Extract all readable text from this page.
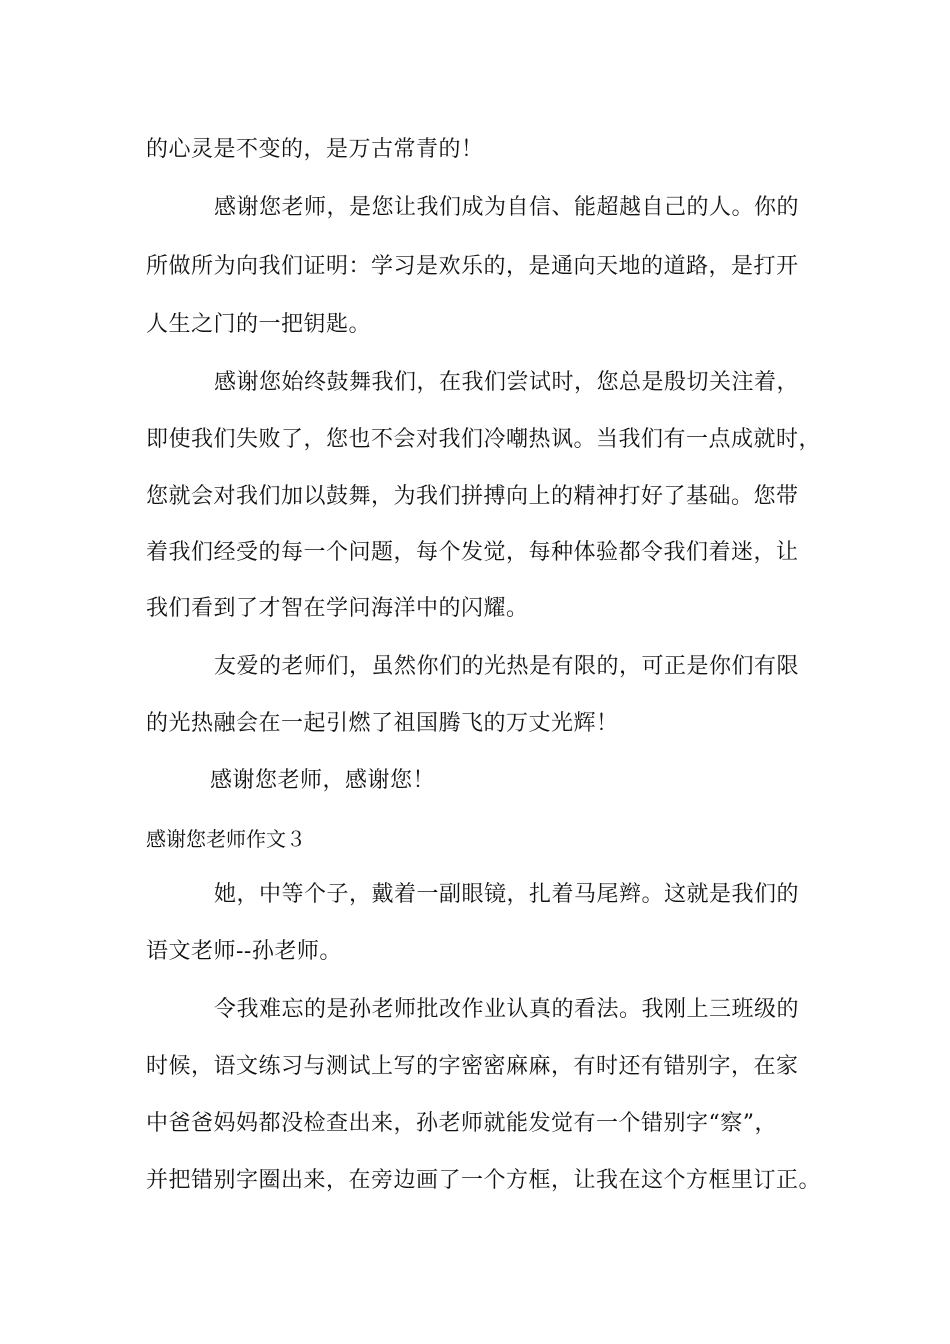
的心灵是不变的，是万古常青的！
感谢您老师，是您让我们成为自信、能超越自己的人。你的
所做所为向我们证明：学习是欢乐的，是通向天地的道路，是打开
人生之门的一把钥匙。
感谢您始终鼓舞我们，在我们尝试时，您总是殷切关注着，
即使我们失败了，您也不会对我们冷嘲热讽。当我们有一点成就时，
您就会对我们加以鼓舞，为我们拼搏向上的精神打好了基础。您带
着我们经受的每一个问题，每个发觉，每种体验都令我们着迷，让
我们看到了才智在学问海洋中的闪耀。
友爱的老师们，虽然你们的光热是有限的，可正是你们有限
的光热融会在一起引燃了祖国腾飞的万丈光辉！
感谢您老师，感谢您！
感谢您老师作文３
她，中等个子，戴着一副眼镜，扎着马尾辫。这就是我们的
语文老师--孙老师。
令我难忘的是孙老师批改作业认真的看法。我刚上三班级的
时候，语文练习与测试上写的字密密麻麻，有时还有错别字，在家
中爸爸妈妈都没检查出来，孙老师就能发觉有一个错别字“察”，
并把错别字圈出来，在旁边画了一个方框，让我在这个方框里订正。
